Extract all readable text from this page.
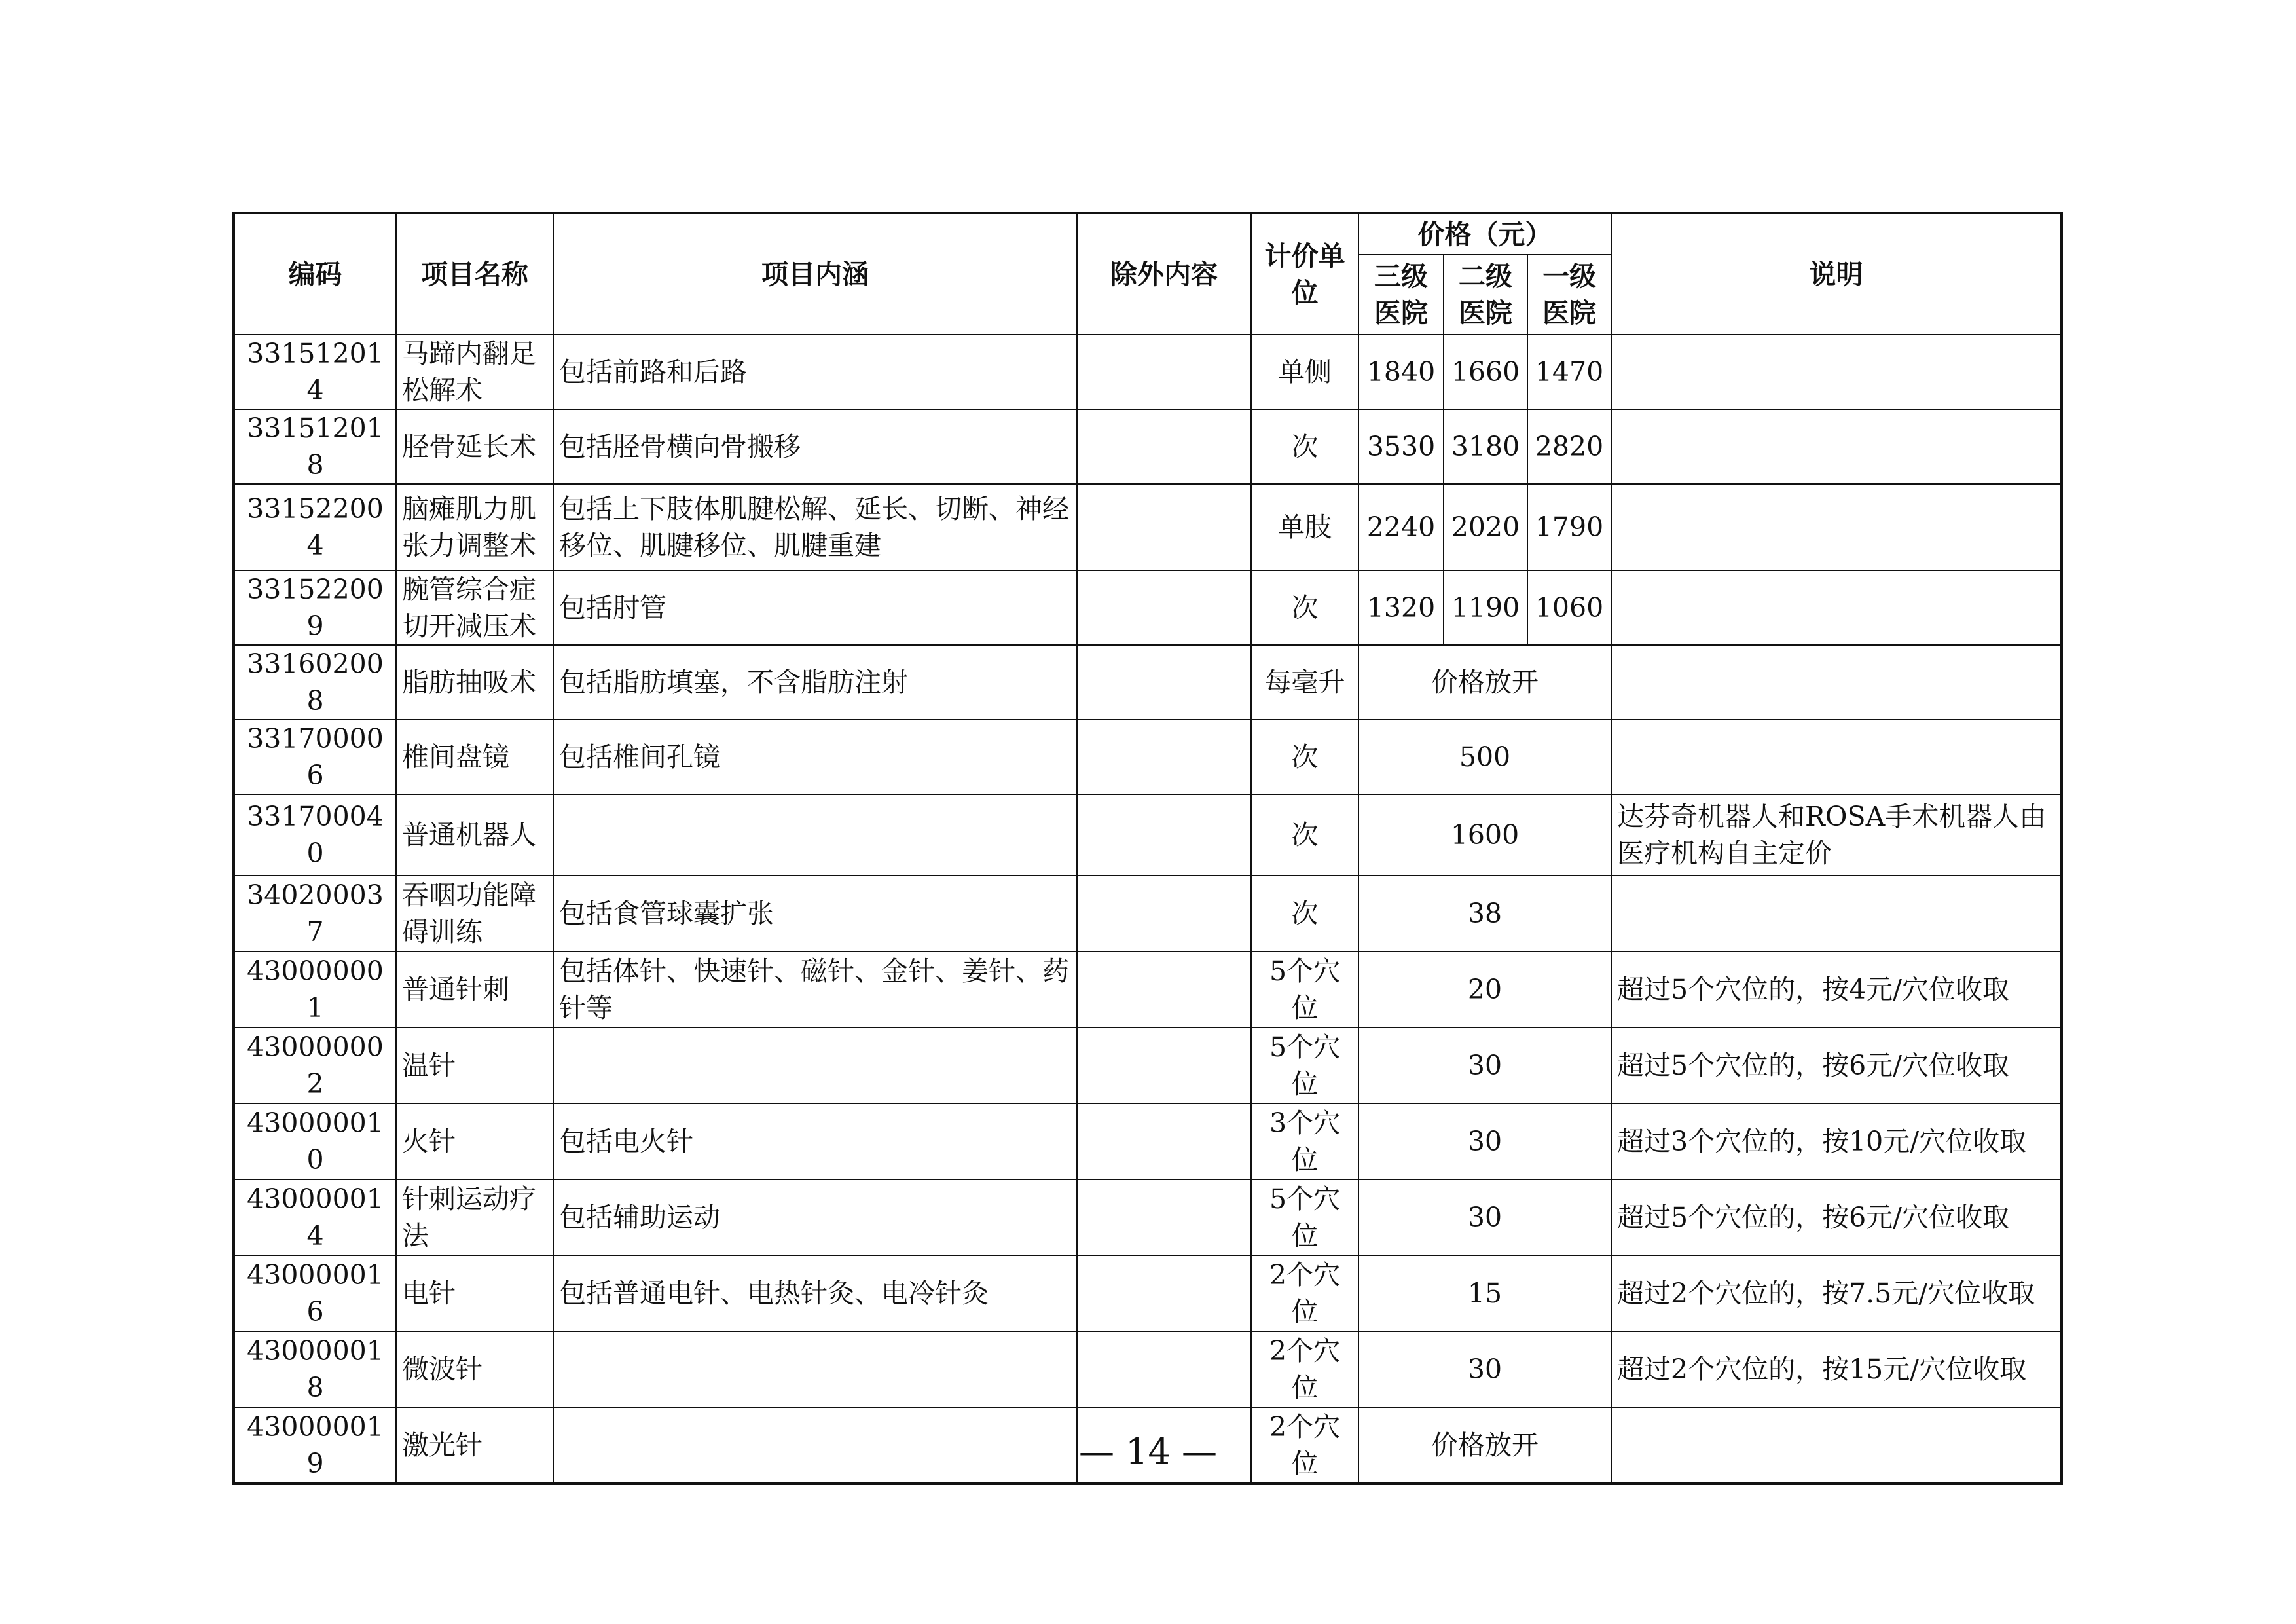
编码	项目名称	项目内涵	除外内容	计价单位	价格（元）			说明
					三级医院	二级医院	一级医院	
331512014	马蹄内翻足松解术	包括前路和后路		单侧	1840	1660	1470	
331512018	胫骨延长术	包括胫骨横向骨搬移		次	3530	3180	2820	
331522004	脑瘫肌力肌张力调整术	包括上下肢体肌腱松解、延长、切断、神经移位、肌腱移位、肌腱重建		单肢	2240	2020	1790	
331522009	腕管综合症切开减压术	包括肘管		次	1320	1190	1060	
331602008	脂肪抽吸术	包括脂肪填塞，不含脂肪注射		每毫升	价格放开			
331700006	椎间盘镜	包括椎间孔镜		次	500			
331700040	普通机器人			次	1600			达芬奇机器人和ROSA手术机器人由医疗机构自主定价
340200037	吞咽功能障碍训练	包括食管球囊扩张		次	38			
430000001	普通针刺	包括体针、快速针、磁针、金针、姜针、药针等		5个穴位	20			超过5个穴位的，按4元/穴位收取
430000002	温针			5个穴位	30			超过5个穴位的，按6元/穴位收取
430000010	火针	包括电火针		3个穴位	30			超过3个穴位的，按10元/穴位收取
430000014	针刺运动疗法	包括辅助运动		5个穴位	30			超过5个穴位的，按6元/穴位收取
430000016	电针	包括普通电针、电热针灸、电冷针灸		2个穴位	15			超过2个穴位的，按7.5元/穴位收取
430000018	微波针			2个穴位	30			超过2个穴位的，按15元/穴位收取
430000019	激光针			2个穴位	价格放开			
— 14 —
